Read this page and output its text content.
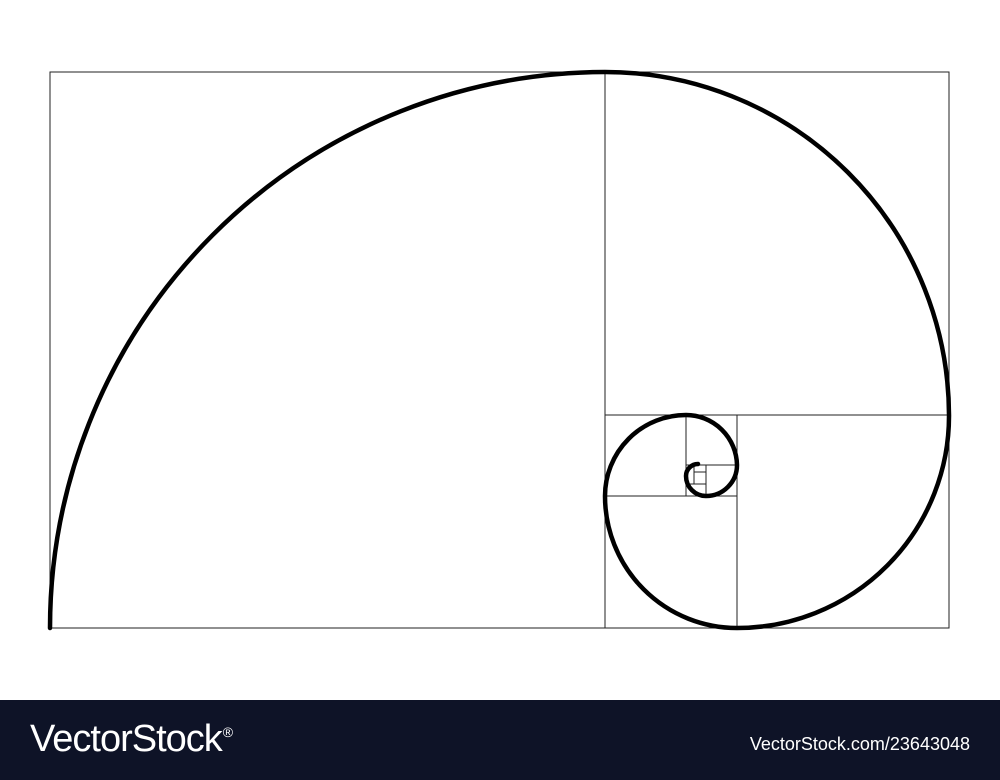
VectorStock®
VectorStock.com/23643048
